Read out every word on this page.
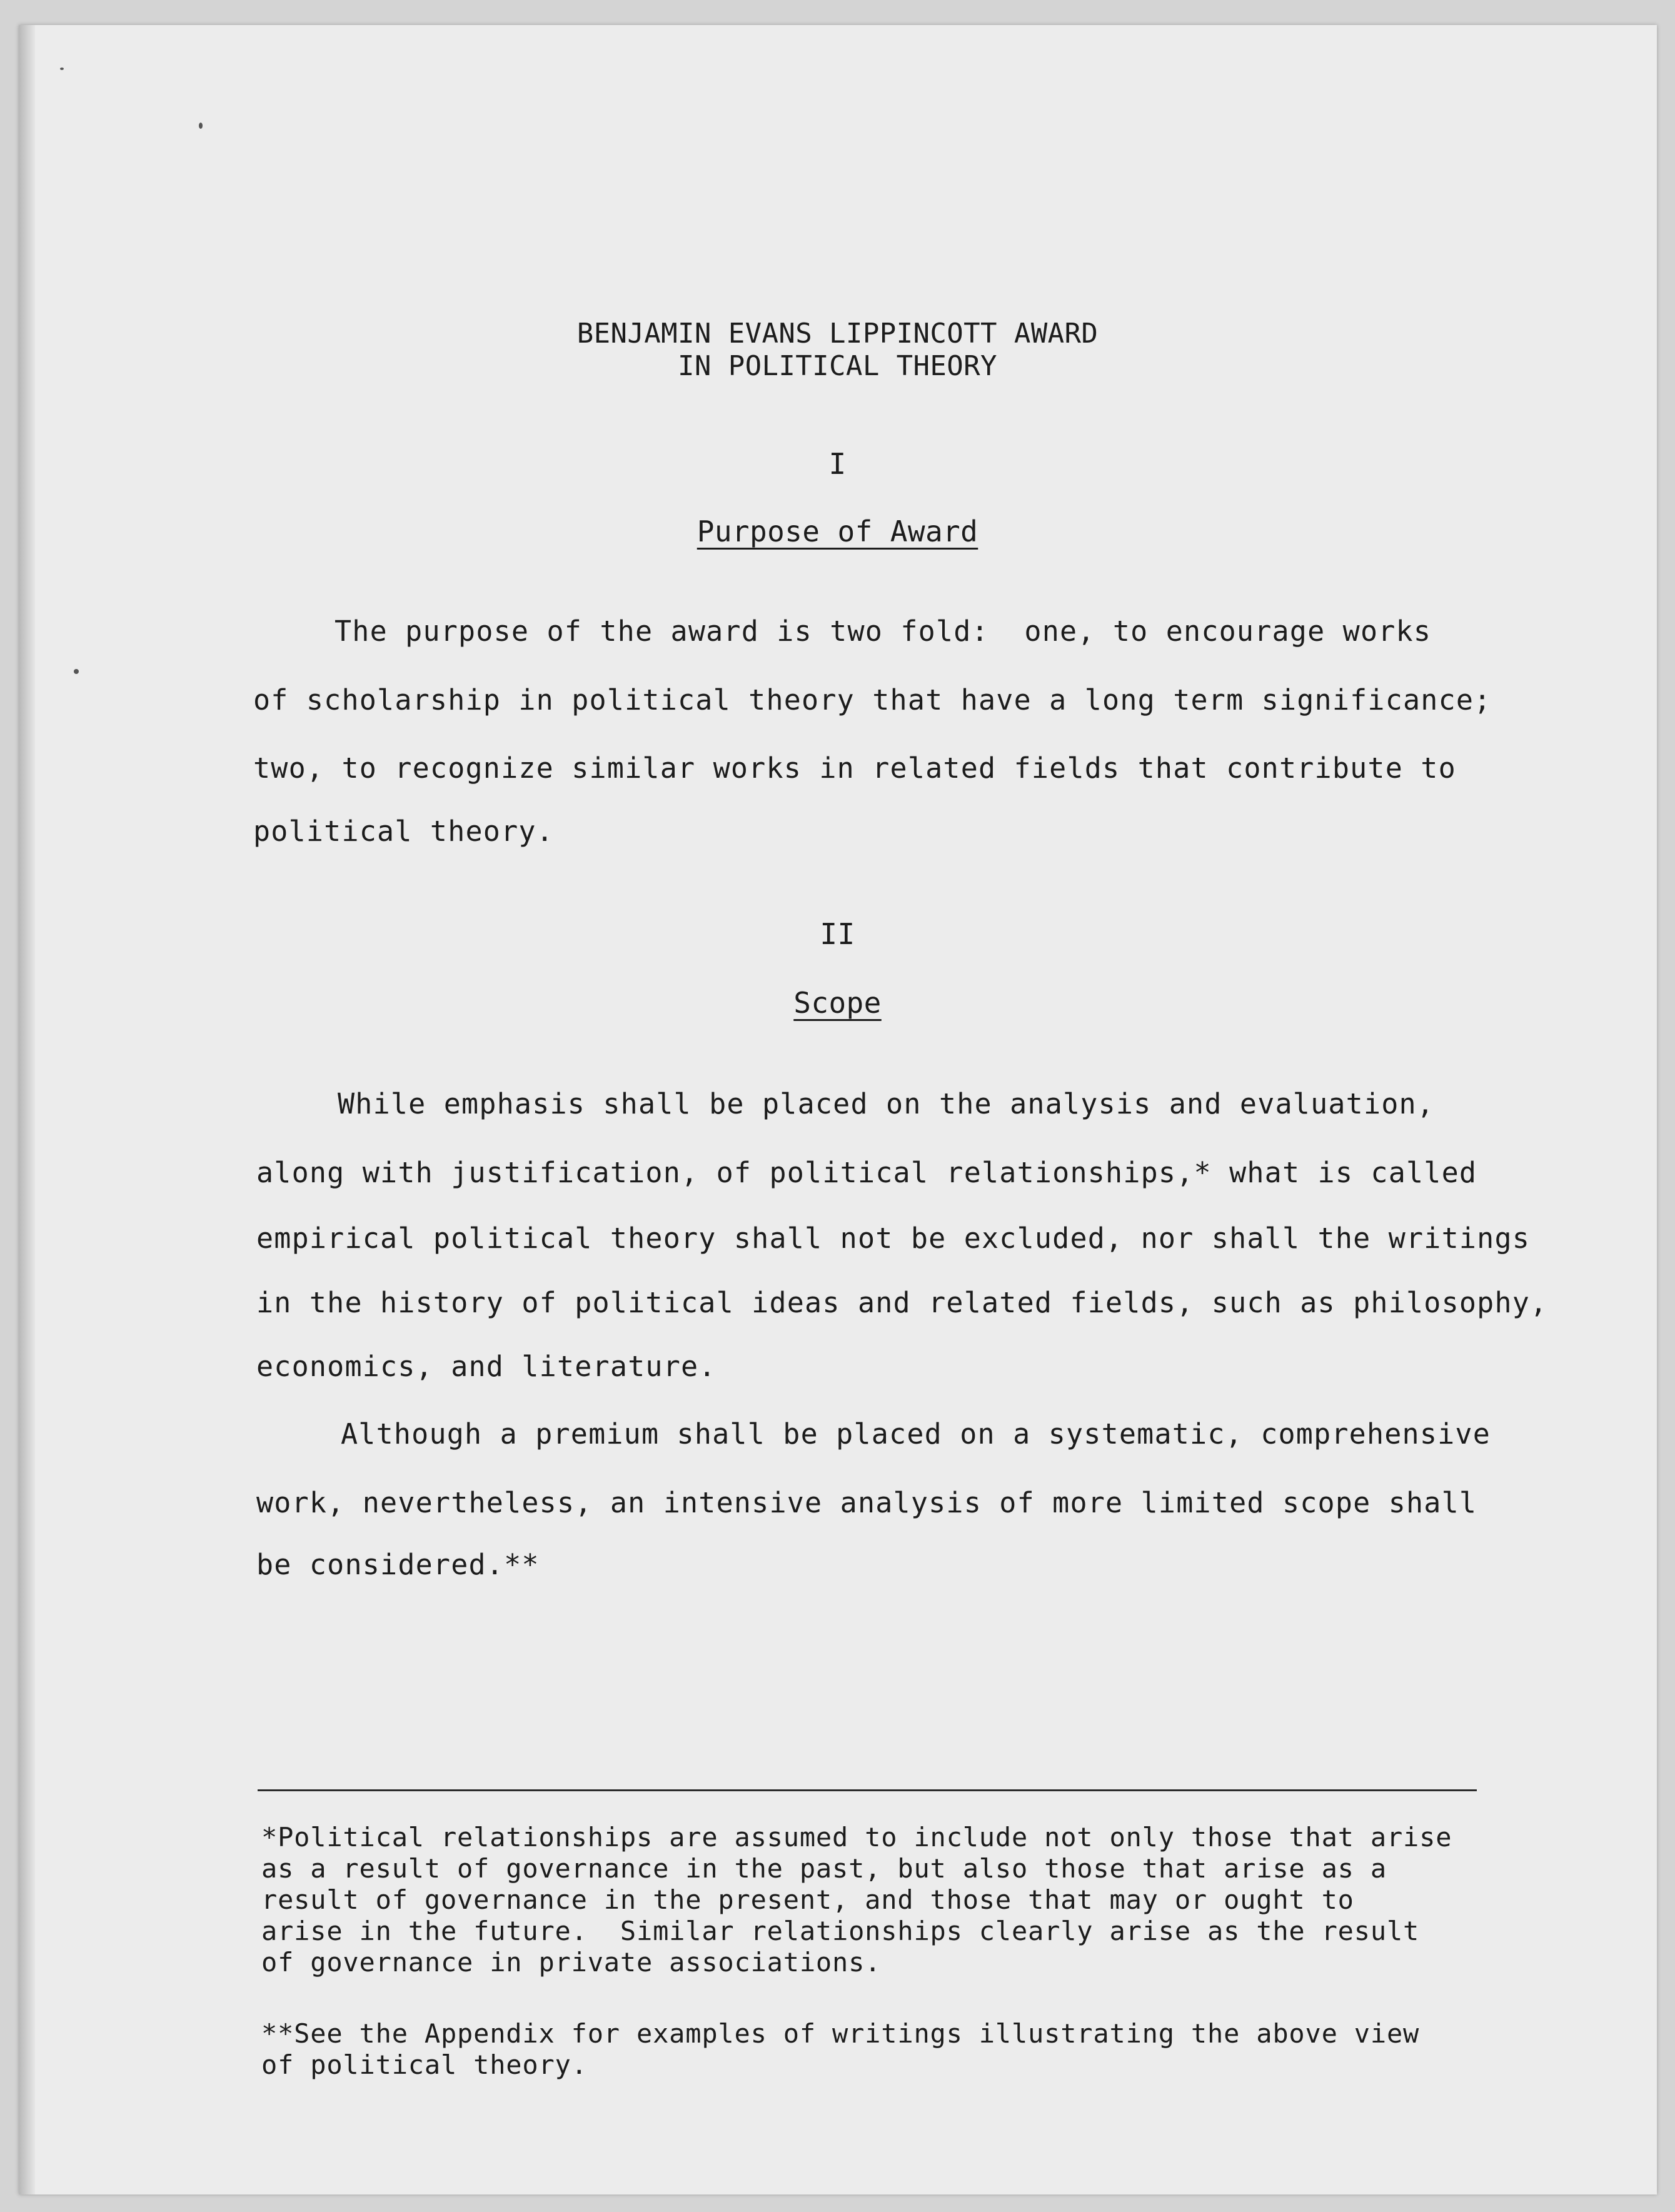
BENJAMIN EVANS LIPPINCOTT AWARD
IN POLITICAL THEORY
I
Purpose of Award
The purpose of the award is two fold:  one, to encourage works
of scholarship in political theory that have a long term significance;
two, to recognize similar works in related fields that contribute to
political theory.
II
Scope
While emphasis shall be placed on the analysis and evaluation,
along with justification, of political relationships,* what is called
empirical political theory shall not be excluded, nor shall the writings
in the history of political ideas and related fields, such as philosophy,
economics, and literature.
Although a premium shall be placed on a systematic, comprehensive
work, nevertheless, an intensive analysis of more limited scope shall
be considered.**
*Political relationships are assumed to include not only those that arise
as a result of governance in the past, but also those that arise as a
result of governance in the present, and those that may or ought to
arise in the future.  Similar relationships clearly arise as the result
of governance in private associations.
**See the Appendix for examples of writings illustrating the above view
of political theory.
